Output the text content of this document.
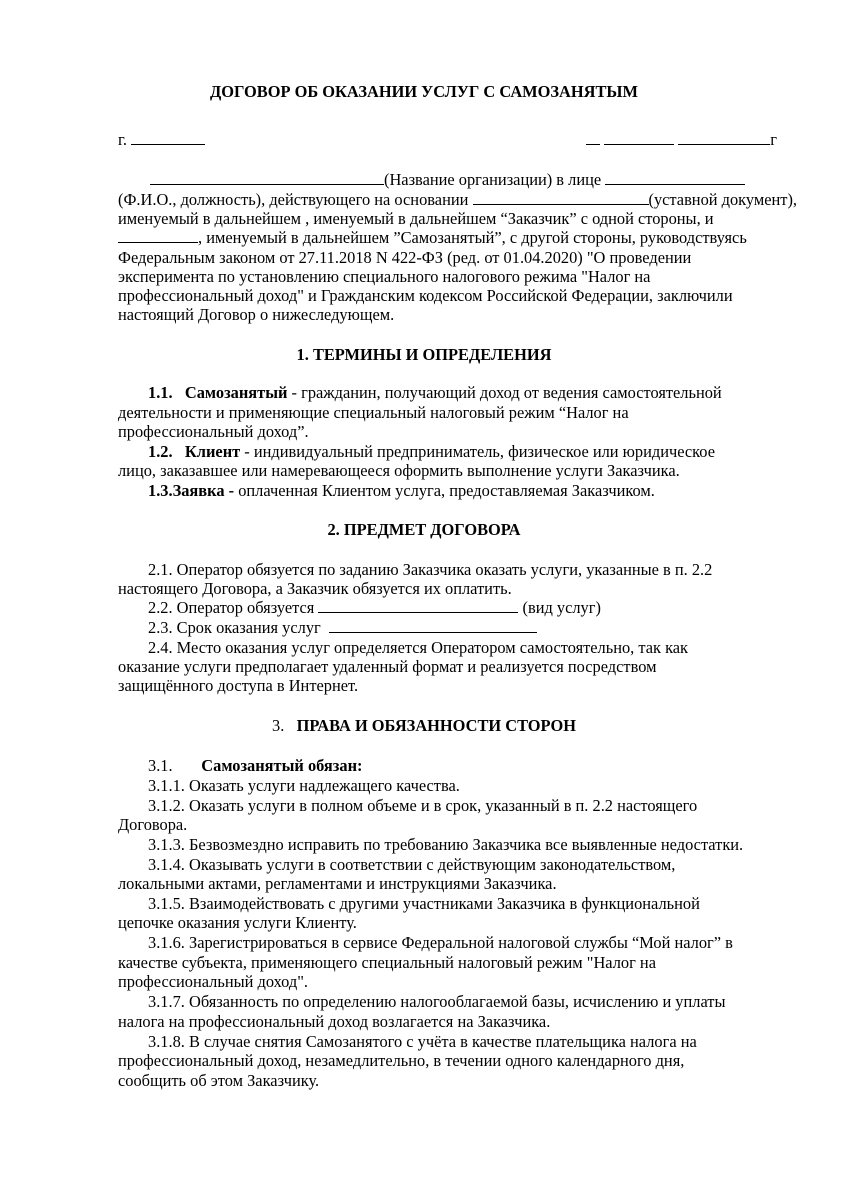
ДОГОВОР ОБ ОКАЗАНИИ УСЛУГ С САМОЗАНЯТЫМ
г.	г
(Название организации) в лице
(Ф.И.О., должность), действующего на основании	(уставной документ),
именуемый в дальнейшем , именуемый в дальнейшем “Заказчик” с одной стороны, и
, именуемый в дальнейшем ”Самозанятый”, с другой стороны, руководствуясь
Федеральным законом от 27.11.2018 N 422-ФЗ (ред. от 01.04.2020) "О проведении
эксперимента по установлению специального налогового режима "Налог на
профессиональный доход" и Гражданским кодексом Российской Федерации, заключили
настоящий Договор о нижеследующем.
1. ТЕРМИНЫ И ОПРЕДЕЛЕНИЯ
1.1. Самозанятый - гражданин, получающий доход от ведения самостоятельной
деятельности и применяющие специальный налоговый режим “Налог на
профессиональный доход”.
1.2. Клиент - индивидуальный предприниматель, физическое или юридическое
лицо, заказавшее или намеревающееся оформить выполнение услуги Заказчика.
1.3.Заявка - оплаченная Клиентом услуга, предоставляемая Заказчиком.
2. ПРЕДМЕТ ДОГОВОРА
2.1. Оператор обязуется по заданию Заказчика оказать услуги, указанные в п. 2.2
настоящего Договора, а Заказчик обязуется их оплатить.
2.2. Оператор обязуется	(вид услуг)
2.3. Срок оказания услуг
2.4. Место оказания услуг определяется Оператором самостоятельно, так как
оказание услуги предполагает удаленный формат и реализуется посредством
защищённого доступа в Интернет.
3. ПРАВА И ОБЯЗАННОСТИ СТОРОН
3.1. Самозанятый обязан:
3.1.1. Оказать услуги надлежащего качества.
3.1.2. Оказать услуги в полном объеме и в срок, указанный в п. 2.2 настоящего
Договора.
3.1.3. Безвозмездно исправить по требованию Заказчика все выявленные недостатки.
3.1.4. Оказывать услуги в соответствии с действующим законодательством,
локальными актами, регламентами и инструкциями Заказчика.
3.1.5. Взаимодействовать с другими участниками Заказчика в функциональной
цепочке оказания услуги Клиенту.
3.1.6. Зарегистрироваться в сервисе Федеральной налоговой службы “Мой налог” в
качестве субъекта, применяющего специальный налоговый режим "Налог на
профессиональный доход".
3.1.7. Обязанность по определению налогооблагаемой базы, исчислению и уплаты
налога на профессиональный доход возлагается на Заказчика.
3.1.8. В случае снятия Самозанятого с учёта в качестве плательщика налога на
профессиональный доход, незамедлительно, в течении одного календарного дня,
сообщить об этом Заказчику.
